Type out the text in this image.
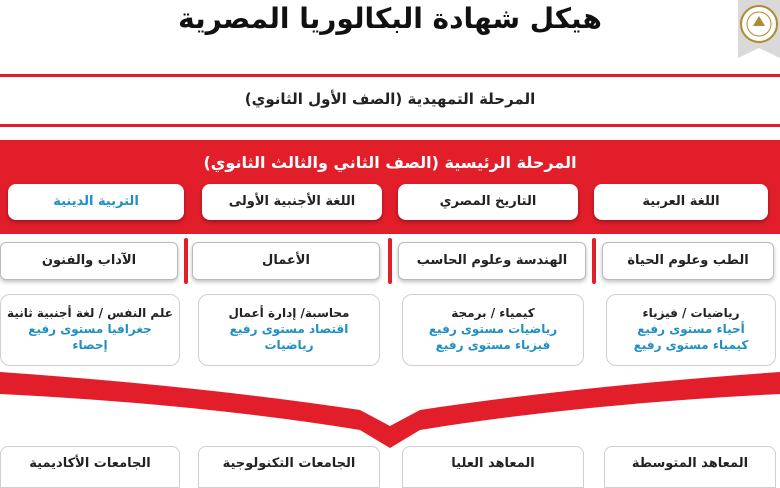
هيكل شهادة البكالوريا المصرية
المرحلة التمهيدية (الصف الأول الثانوي)
المرحلة الرئيسية (الصف الثاني والثالث الثانوي)
اللغة العربية
التاريخ المصري
اللغة الأجنبية الأولى
التربية الدينية
الطب وعلوم الحياة
الهندسة وعلوم الحاسب
الأعمال
الآداب والفنون
رياضيات / فيزياء
أحياء مستوى رفيع
كيمياء مستوى رفيع
كيمياء / برمجة
رياضيات مستوى رفيع
فيزياء مستوى رفيع
محاسبة/ إدارة أعمال
اقتصاد مستوى رفيع
رياضيات
علم النفس / لغة أجنبية ثانية
جغرافيا مستوى رفيع
إحصاء
المعاهد المتوسطة
المعاهد العليا
الجامعات التكنولوجية
الجامعات الأكاديمية
